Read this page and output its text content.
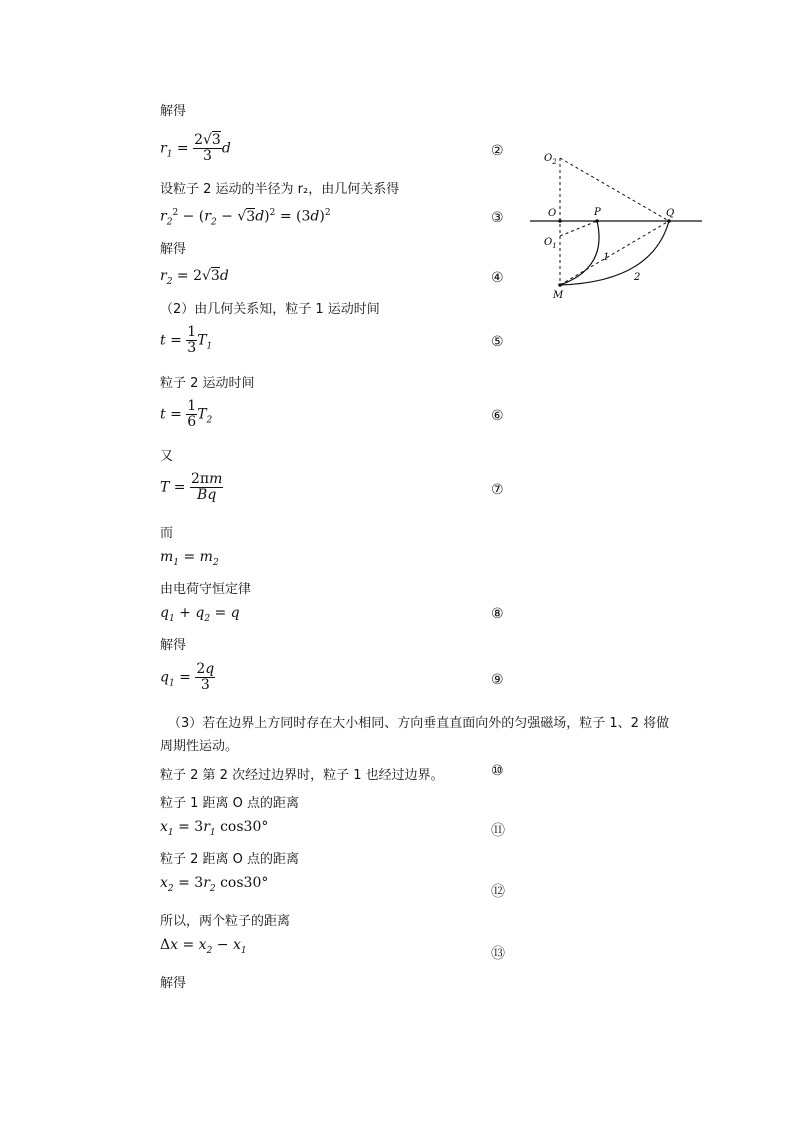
解得
$r_1 = \frac{2√3}{3}$ d	②
设粒子 2 运动的半径为 r₂，由几何关系得
$r_2^2 - (r_2 - √3d)^2 = (3d)^2$	③
解得
$r_2 = 2√3d$	④
（2）由几何关系知，粒子 1 运动时间
$t = \frac{1}{3} T_1$	⑤
粒子 2 运动时间
$t = \frac{1}{6} T_2$	⑥
又
$T = \frac{2\pi m}{Bq}$	⑦
而
$m_1 = m_2$
由电荷守恒定律
$q_1 + q_2 = q$	⑧
解得
$q_1 = \frac{2q}{3}$	⑨
（3）若在边界上方同时存在大小相同、方向垂直直面向外的匀强磁场，粒子 1、2 将做
周期性运动。
粒子 2 第 2 次经过边界时，粒子 1 也经过边界。	⑩
粒子 1 距离 O 点的距离
$x_1 = 3r_1$ cos30°	⑪
粒子 2 距离 O 点的距离
$x_2 = 3r_2$ cos30°
⑫
所以，两个粒子的距离
$\Delta x = x_2 - x_1$	⑬
解得
$O_2$
O	P	Q
$O_1$
M
1
2
